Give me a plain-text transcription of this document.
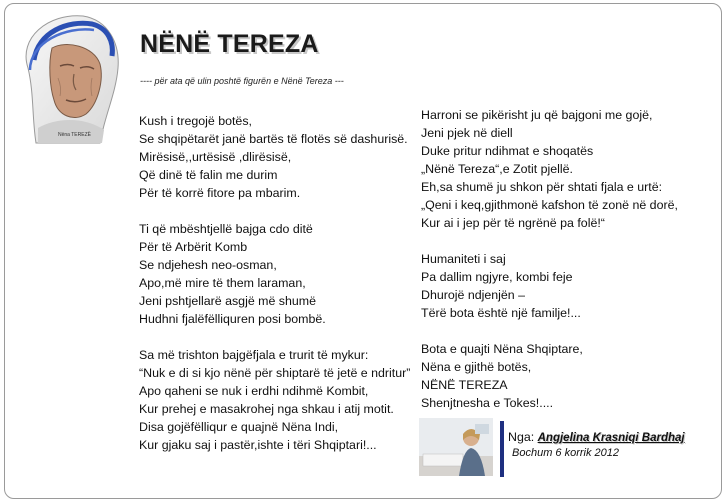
Nëna TEREZË
NËNË TEREZA
---- për ata që ulin poshtë figurën e Nënë Tereza ---
Kush i tregojë botës,
Se shqipëtarët janë bartës të flotës së dashurisë.
Mirësisë,,urtësisë ,dlirësisë,
Që dinë të falin me durim
Për të korrë fitore pa mbarim.
Ti që mbështjellë bajga cdo ditë
Për të Arbërit Komb
Se ndjehesh neo-osman,
Apo,më mire të them laraman,
Jeni pshtjellarë asgjë më shumë
Hudhni fjalëfëlliquren posi bombë.
Sa më trishton bajgëfjala e trurit të mykur:
“Nuk e di si kjo nënë për shiptarë të jetë e ndritur”
Apo qaheni se nuk i erdhi ndihmë Kombit,
Kur prehej e masakrohej nga shkau i atij motit.
Disa gojëfëlliqur e quajnë Nëna Indi,
Kur gjaku saj i pastër,ishte i tëri Shqiptari!...
Harroni se pikërisht ju që bajgoni me gojë,
Jeni pjek në diell
Duke pritur ndihmat e shoqatës
„Nënë Tereza“,e Zotit pjellë.
Eh,sa shumë ju shkon për shtati fjala e urtë:
„Qeni i keq,gjithmonë kafshon të zonë në dorë,
Kur ai i jep për të ngrënë pa folë!“
Humaniteti i saj
Pa dallim ngjyre, kombi feje
Dhurojë ndjenjën –
Tërë bota është një familje!...
Bota e quajti Nëna Shqiptare,
Nëna e gjithë botës,
NËNË TEREZA
Shenjtnesha e Tokes!....
Nga: Angjelina Krasniqi Bardhaj
Bochum 6 korrik 2012
